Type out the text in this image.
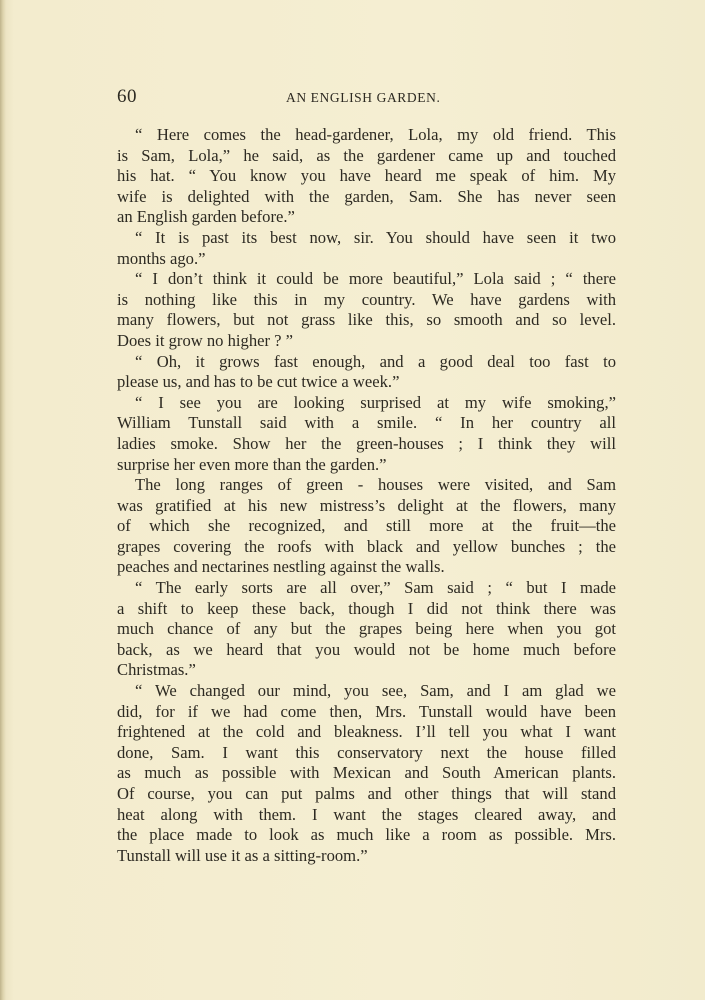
60	AN ENGLISH GARDEN.
“ Here comes the head-gardener, Lola, my old friend. This
is Sam, Lola,” he said, as the gardener came up and touched
his hat. “ You know you have heard me speak of him. My
wife is delighted with the garden, Sam. She has never seen
an English garden before.”
“ It is past its best now, sir. You should have seen it two
months ago.”
“ I don’t think it could be more beautiful,” Lola said ; “ there
is nothing like this in my country. We have gardens with
many flowers, but not grass like this, so smooth and so level.
Does it grow no higher ? ”
“ Oh, it grows fast enough, and a good deal too fast to
please us, and has to be cut twice a week.”
“ I see you are looking surprised at my wife smoking,”
William Tunstall said with a smile. “ In her country all
ladies smoke. Show her the green-houses ; I think they will
surprise her even more than the garden.”
The long ranges of green - houses were visited, and Sam
was gratified at his new mistress’s delight at the flowers, many
of which she recognized, and still more at the fruit—the
grapes covering the roofs with black and yellow bunches ; the
peaches and nectarines nestling against the walls.
“ The early sorts are all over,” Sam said ; “ but I made
a shift to keep these back, though I did not think there was
much chance of any but the grapes being here when you got
back, as we heard that you would not be home much before
Christmas.”
“ We changed our mind, you see, Sam, and I am glad we
did, for if we had come then, Mrs. Tunstall would have been
frightened at the cold and bleakness. I’ll tell you what I want
done, Sam. I want this conservatory next the house filled
as much as possible with Mexican and South American plants.
Of course, you can put palms and other things that will stand
heat along with them. I want the stages cleared away, and
the place made to look as much like a room as possible. Mrs.
Tunstall will use it as a sitting-room.”
